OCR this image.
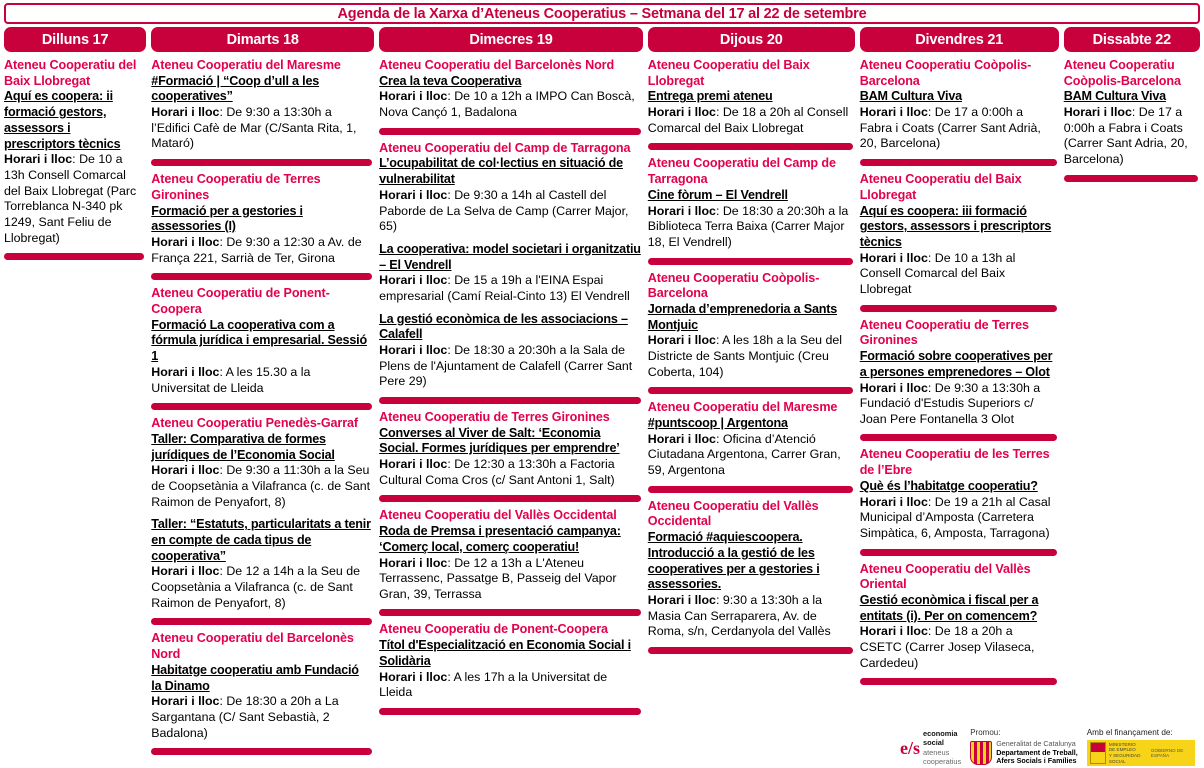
Agenda de la Xarxa d’Ateneus Cooperatius – Setmana del 17 al 22 de setembre
Dilluns 17	Dimarts 18	Dimecres 19	Dijous 20	Divendres 21	Dissabte 22
Ateneu Cooperatiu del Baix Llobregat
Aquí es coopera: ii formació gestors, assessors i prescriptors tècnics
Horari i lloc: De 10 a 13h Consell Comarcal del Baix Llobregat (Parc Torreblanca N-340 pk 1249, Sant Feliu de Llobregat)
Ateneu Cooperatiu del Maresme
#Formació | “Coop d’ull a les cooperatives”
Horari i lloc: De 9:30 a 13:30h a l’Edifici Cafè de Mar (C/Santa Rita, 1, Mataró)
Ateneu Cooperatiu de Terres Gironines
Formació per a gestories i assessories (I)
Horari i lloc: De 9:30 a 12:30 a Av. de França 221, Sarrià de Ter, Girona
Ateneu Cooperatiu de Ponent-Coopera
Formació La cooperativa com a fórmula jurídica i empresarial. Sessió 1
Horari i lloc: A les 15.30 a la Universitat de Lleida
Ateneu Cooperatiu Penedès-Garraf
Taller: Comparativa de formes jurídiques de l’Economia Social
Horari i lloc: De 9:30 a 11:30h a la Seu de Coopsetània a Vilafranca (c. de Sant Raimon de Penyafort, 8)
Taller: “Estatuts, particularitats a tenir en compte de cada tipus de cooperativa”
Horari i lloc: De 12 a 14h a la Seu de Coopsetània a Vilafranca (c. de Sant Raimon de Penyafort, 8)
Ateneu Cooperatiu del Barcelonès Nord
Habitatge cooperatiu amb Fundació la Dinamo
Horari i lloc: De 18:30 a 20h a La Sargantana (C/ Sant Sebastià, 2 Badalona)
Ateneu Cooperatiu del Barcelonès Nord
Crea la teva Cooperativa
Horari i lloc: De 10 a 12h a IMPO Can Boscà, Nova Cançó 1, Badalona
Ateneu Cooperatiu del Camp de Tarragona
L’ocupabilitat de col·lectius en situació de vulnerabilitat
Horari i lloc: De 9:30 a 14h al Castell del Paborde de La Selva de Camp (Carrer Major, 65)
La cooperativa: model societari i organitzatiu – El Vendrell
Horari i lloc: De 15 a 19h a l'EINA Espai empresarial (Camí Reial-Cinto 13) El Vendrell
La gestió econòmica de les associacions – Calafell
Horari i lloc: De 18:30 a 20:30h a la Sala de Plens de l'Ajuntament de Calafell (Carrer Sant Pere 29)
Ateneu Cooperatiu de Terres Gironines
Converses al Viver de Salt: ‘Economia Social. Formes jurídiques per emprendre’
Horari i lloc: De 12:30 a 13:30h a Factoria Cultural Coma Cros (c/ Sant Antoni 1, Salt)
Ateneu Cooperatiu del Vallès Occidental
Roda de Premsa i presentació campanya: ‘Comerç local, comerç cooperatiu!
Horari i lloc: De 12 a 13h a L'Ateneu Terrassenc, Passatge B, Passeig del Vapor Gran, 39, Terrassa
Ateneu Cooperatiu de Ponent-Coopera
Títol d'Especialització en Economia Social i Solidària
Horari i lloc: A les 17h a la Universitat de Lleida
Ateneu Cooperatiu del Baix Llobregat
Entrega premi ateneu
Horari i lloc: De 18 a 20h al Consell Comarcal del Baix Llobregat
Ateneu Cooperatiu del Camp de Tarragona
Cine fòrum – El Vendrell
Horari i lloc: De 18:30 a 20:30h a la Biblioteca Terra Baixa (Carrer Major 18, El Vendrell)
Ateneu Cooperatiu Coòpolis-Barcelona
Jornada d’emprenedoria a Sants Montjuic
Horari i lloc: A les 18h a la Seu del Districte de Sants Montjuic (Creu Coberta, 104)
Ateneu Cooperatiu del Maresme
#puntscoop | Argentona
Horari i lloc: Oficina d’Atenció Ciutadana Argentona, Carrer Gran, 59, Argentona
Ateneu Cooperatiu del Vallès Occidental
Formació #aquiescoopera. Introducció a la gestió de les cooperatives per a gestories i assessories.
Horari i lloc: 9:30 a 13:30h a la Masia Can Serraparera, Av. de Roma, s/n, Cerdanyola del Vallès
Ateneu Cooperatiu Coòpolis-Barcelona
BAM Cultura Viva
Horari i lloc: De 17 a 0:00h a Fabra i Coats (Carrer Sant Adrià, 20, Barcelona)
Ateneu Cooperatiu del Baix Llobregat
Aquí es coopera: iii formació gestors, assessors i prescriptors tècnics
Horari i lloc: De 10 a 13h al Consell Comarcal del Baix Llobregat
Ateneu Cooperatiu de Terres Gironines
Formació sobre cooperatives per a persones emprenedores – Olot
Horari i lloc: De 9:30 a 13:30h a Fundació d'Estudis Superiors c/ Joan Pere Fontanella 3 Olot
Ateneu Cooperatiu de les Terres de l’Ebre
Què és l’habitatge cooperatiu?
Horari i lloc: De 19 a 21h al Casal Municipal d’Amposta (Carretera Simpàtica, 6, Amposta, Tarragona)
Ateneu Cooperatiu del Vallès Oriental
Gestió econòmica i fiscal per a entitats (i). Per on comencem?
Horari i lloc: De 18 a 20h a CSETC (Carrer Josep Vilaseca, Cardedeu)
Ateneu Cooperatiu Coòpolis-Barcelona
BAM Cultura Viva
Horari i lloc: De 17 a 0:00h a Fabra i Coats (Carrer Sant Adria, 20, Barcelona)
e/s
economia
social
ateneus
cooperatius
Promou:
Generalitat de Catalunya
Departament de Treball,
Afers Socials i Famílies
Amb el finançament de:
MINISTERIO
DE EMPLEO
Y SEGURIDAD SOCIAL
GOBIERNO DE ESPAÑA
